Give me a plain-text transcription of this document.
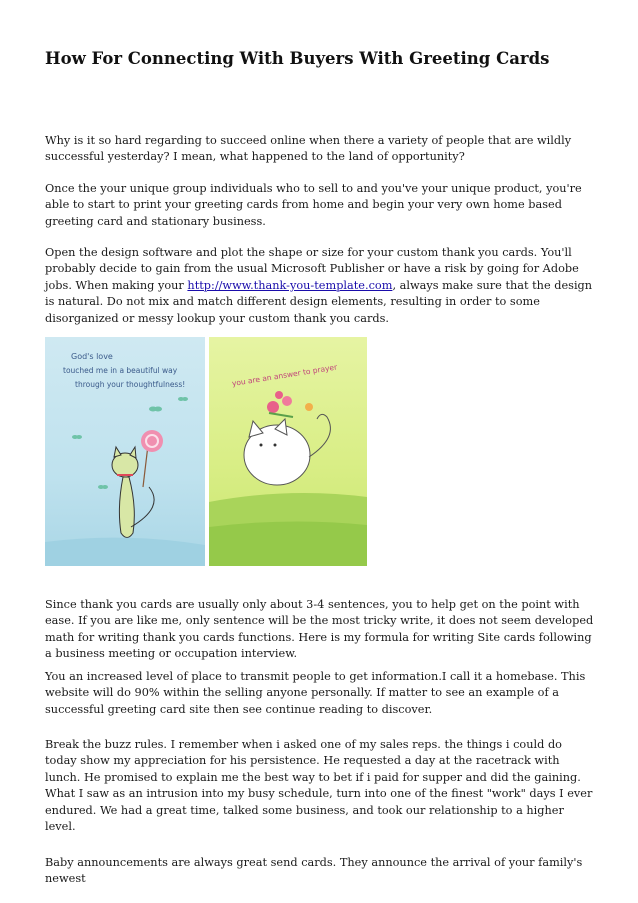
How For Connecting With Buyers With Greeting Cards

Why is it so hard regarding to succeed online when there a variety of people that are wildly successful yesterday? I mean, what happened to the land of opportunity?

Once the your unique group individuals who to sell to and you've your unique product, you're able to start to print your greeting cards from home and begin your very own home based greeting card and stationary business.

Open the design software and plot the shape or size for your custom thank you cards. You'll probably decide to gain from the usual Microsoft Publisher or have a risk by going for Adobe jobs. When making your http://www.thank-you-template.com, always make sure that the design is natural. Do not mix and match different design elements, resulting in order to some disorganized or messy lookup your custom thank you cards.

God's love
touched me in a beautiful way
through your thoughtfulness!	you are an answer to prayer

Since thank you cards are usually only about 3-4 sentences, you to help get on the point with ease. If you are like me, only sentence will be the most tricky write, it does not seem developed math for writing thank you cards functions. Here is my formula for writing Site cards following a business meeting or occupation interview.

You an increased level of place to transmit people to get information.I call it a homebase. This website will do 90% within the selling anyone personally. If matter to see an example of a successful greeting card site then see continue reading to discover.

Break the buzz rules. I remember when i asked one of my sales reps. the things i could do today show my appreciation for his persistence. He requested a day at the racetrack with lunch. He promised to explain me the best way to bet if i paid for supper and did the gaining. What I saw as an intrusion into my busy schedule, turn into one of the finest "work" days I ever endured. We had a great time, talked some business, and took our relationship to a higher level.

Baby announcements are always great send cards. They announce the arrival of your family's newest
